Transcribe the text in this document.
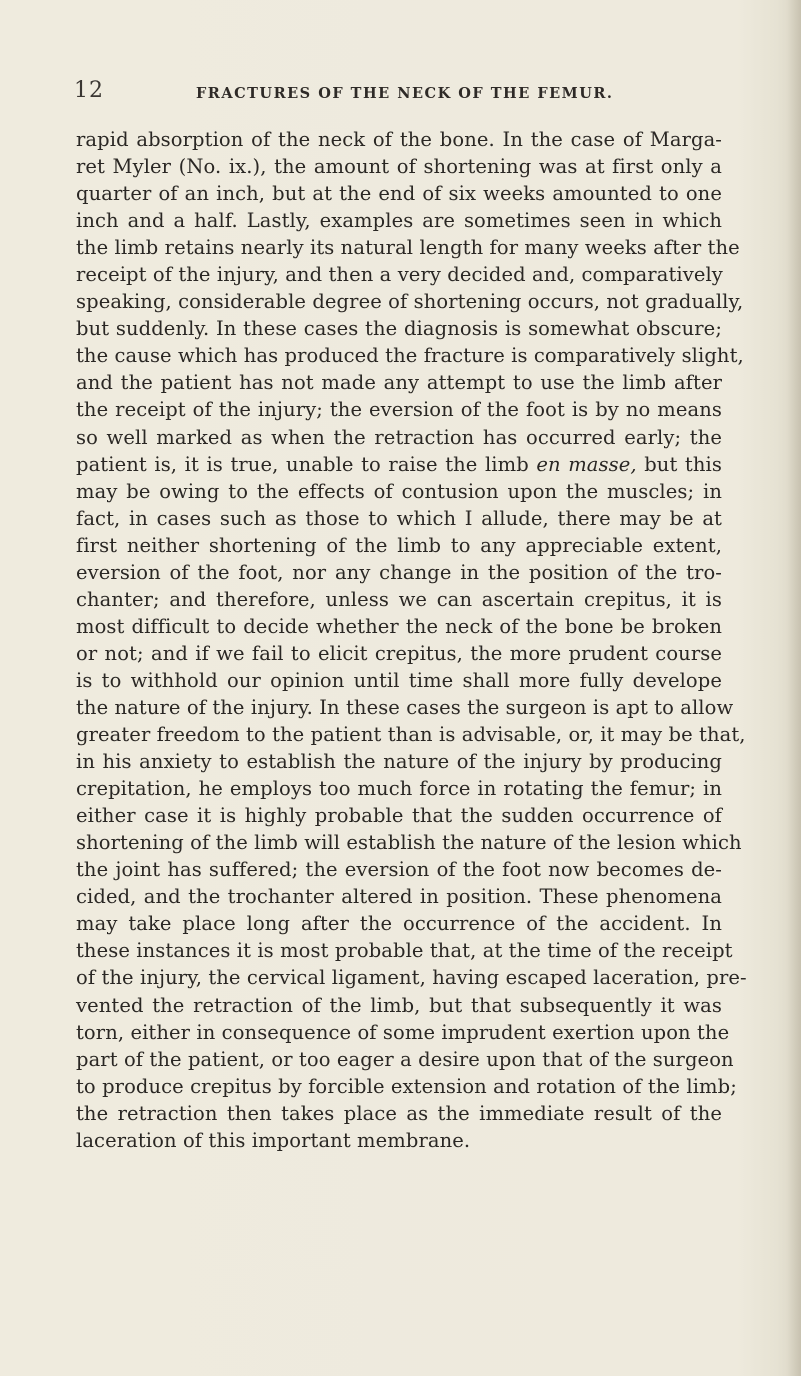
12	FRACTURES OF THE NECK OF THE FEMUR.
rapid absorption of the neck of the bone. In the case of Marga-
ret Myler (No. ix.), the amount of shortening was at first only a
quarter of an inch, but at the end of six weeks amounted to one
inch and a half. Lastly, examples are sometimes seen in which
the limb retains nearly its natural length for many weeks after the
receipt of the injury, and then a very decided and, comparatively
speaking, considerable degree of shortening occurs, not gradually,
but suddenly. In these cases the diagnosis is somewhat obscure;
the cause which has produced the fracture is comparatively slight,
and the patient has not made any attempt to use the limb after
the receipt of the injury; the eversion of the foot is by no means
so well marked as when the retraction has occurred early; the
patient is, it is true, unable to raise the limb en masse, but this
may be owing to the effects of contusion upon the muscles; in
fact, in cases such as those to which I allude, there may be at
first neither shortening of the limb to any appreciable extent,
eversion of the foot, nor any change in the position of the tro-
chanter; and therefore, unless we can ascertain crepitus, it is
most difficult to decide whether the neck of the bone be broken
or not; and if we fail to elicit crepitus, the more prudent course
is to withhold our opinion until time shall more fully develope
the nature of the injury. In these cases the surgeon is apt to allow
greater freedom to the patient than is advisable, or, it may be that,
in his anxiety to establish the nature of the injury by producing
crepitation, he employs too much force in rotating the femur; in
either case it is highly probable that the sudden occurrence of
shortening of the limb will establish the nature of the lesion which
the joint has suffered; the eversion of the foot now becomes de-
cided, and the trochanter altered in position. These phenomena
may take place long after the occurrence of the accident. In
these instances it is most probable that, at the time of the receipt
of the injury, the cervical ligament, having escaped laceration, pre-
vented the retraction of the limb, but that subsequently it was
torn, either in consequence of some imprudent exertion upon the
part of the patient, or too eager a desire upon that of the surgeon
to produce crepitus by forcible extension and rotation of the limb;
the retraction then takes place as the immediate result of the
laceration of this important membrane.
